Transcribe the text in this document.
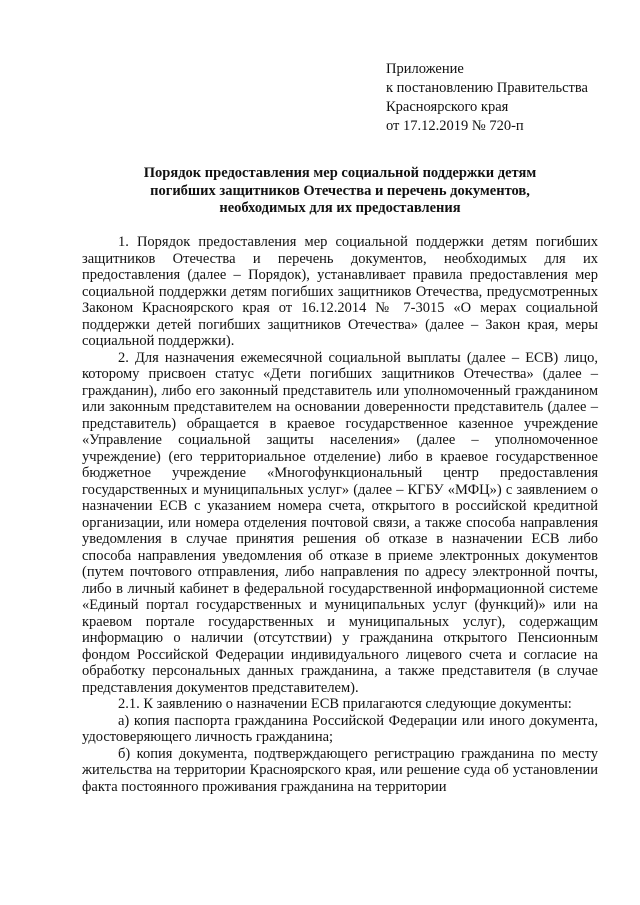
Приложение
к постановлению Правительства
Красноярского края
от 17.12.2019 № 720-п
Порядок предоставления мер социальной поддержки детям
погибших защитников Отечества и перечень документов,
необходимых для их предоставления

1. Порядок предоставления мер социальной поддержки детям погибших защитников Отечества и перечень документов, необходимых для их предоставления (далее – Порядок), устанавливает правила предоставления мер социальной поддержки детям погибших защитников Отечества, предусмотренных Законом Красноярского края от 16.12.2014 № 7-3015 «О мерах социальной поддержки детей погибших защитников Отечества» (далее – Закон края, меры социальной поддержки).

2. Для назначения ежемесячной социальной выплаты (далее – ЕСВ) лицо, которому присвоен статус «Дети погибших защитников Отечества» (далее – гражданин), либо его законный представитель или уполномоченный гражданином или законным представителем на основании доверенности представитель (далее – представитель) обращается в краевое государственное казенное учреждение «Управление социальной защиты населения» (далее – уполномоченное учреждение) (его территориальное отделение) либо в краевое государственное бюджетное учреждение «Многофункциональный центр предоставления государственных и муниципальных услуг» (далее – КГБУ «МФЦ») с заявлением о назначении ЕСВ с указанием номера счета, открытого в российской кредитной организации, или номера отделения почтовой связи, а также способа направления уведомления в случае принятия решения об отказе в назначении ЕСВ либо способа направления уведомления об отказе в приеме электронных документов (путем почтового отправления, либо направления по адресу электронной почты, либо в личный кабинет в федеральной государственной информационной системе «Единый портал государственных и муниципальных услуг (функций)» или на краевом портале государственных и муниципальных услуг), содержащим информацию о наличии (отсутствии) у гражданина открытого Пенсионным фондом Российской Федерации индивидуального лицевого счета и согласие на обработку персональных данных гражданина, а также представителя (в случае представления документов представителем).

2.1. К заявлению о назначении ЕСВ прилагаются следующие документы:

а) копия паспорта гражданина Российской Федерации или иного документа, удостоверяющего личность гражданина;

б) копия документа, подтверждающего регистрацию гражданина по месту жительства на территории Красноярского края, или решение суда об установлении факта постоянного проживания гражданина на территории
